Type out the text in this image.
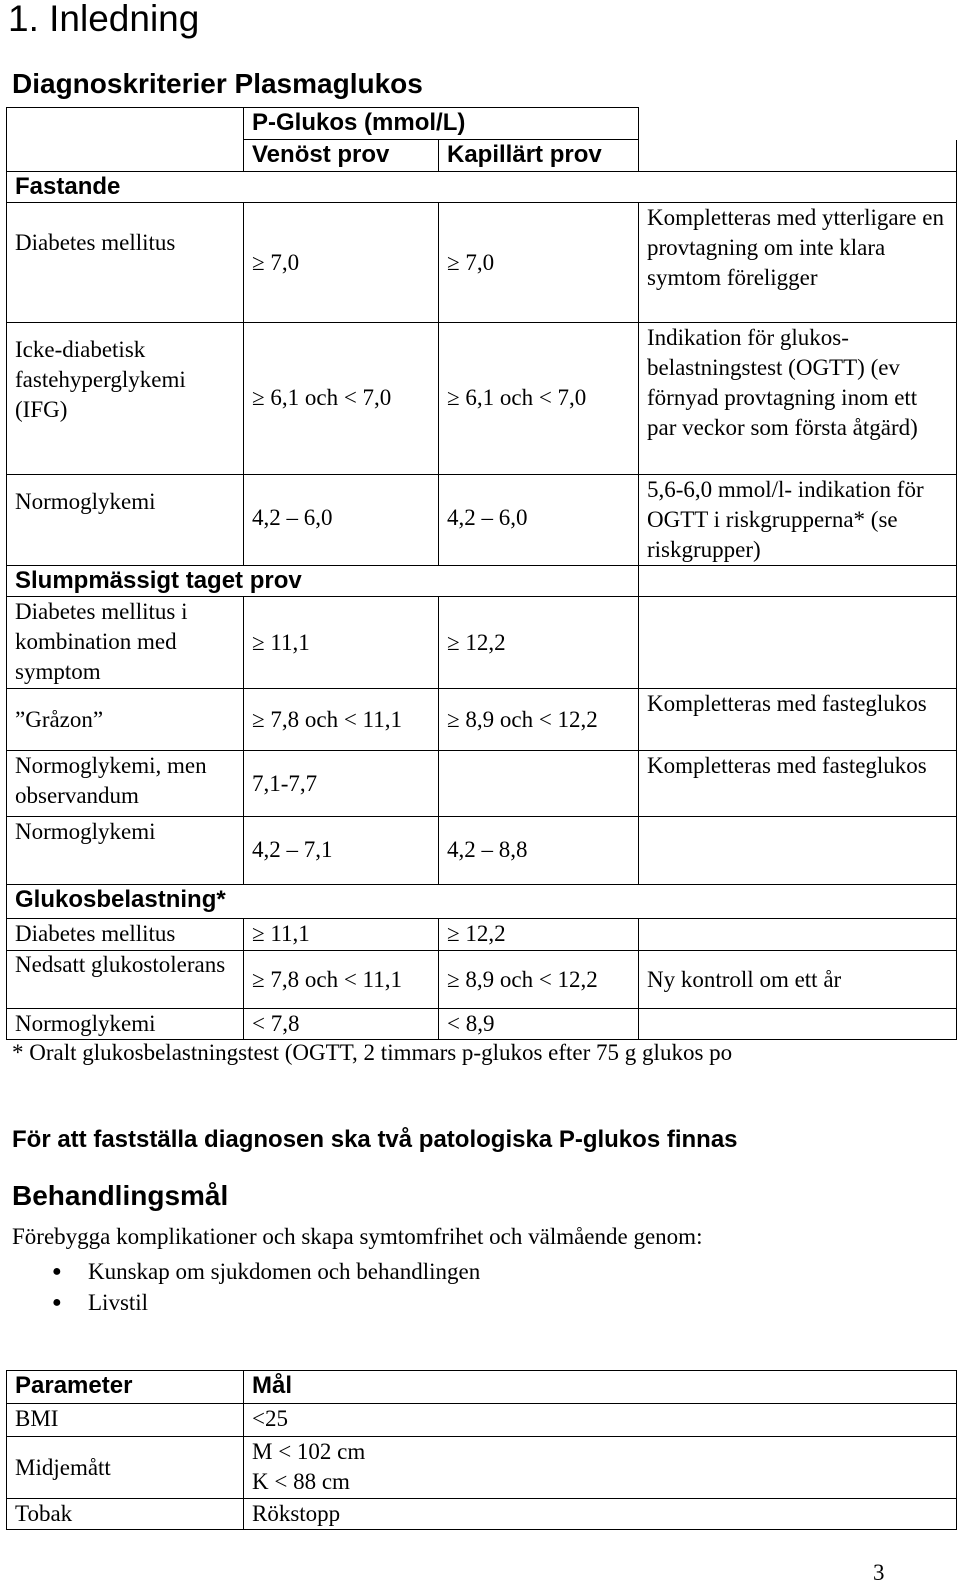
1. Inledning
Diagnoskriterier Plasmaglukos
	P-Glukos (mmol/L)		
	Venöst prov	Kapillärt prov	
Fastande			
Diabetes mellitus	≥ 7,0	≥ 7,0	Kompletteras med ytterligare en provtagning om inte klara symtom föreligger
Icke-diabetisk fastehyperglykemi (IFG)	≥ 6,1 och < 7,0	≥ 6,1 och < 7,0	Indikation för glukos-belastningstest (OGTT) (ev förnyad provtagning inom ett par veckor som första åtgärd)
Normoglykemi	4,2 – 6,0	4,2 – 6,0	5,6-6,0 mmol/l- indikation för OGTT i riskgrupperna* (se riskgrupper)
Slumpmässigt taget prov			
Diabetes mellitus i kombination med symptom	≥ 11,1	≥ 12,2	
”Gråzon”	≥ 7,8 och < 11,1	≥ 8,9 och < 12,2	Kompletteras med fasteglukos
Normoglykemi, men observandum	7,1-7,7		Kompletteras med fasteglukos
Normoglykemi	4,2 – 7,1	4,2 – 8,8	
Glukosbelastning*			
Diabetes mellitus	≥ 11,1	≥ 12,2	
Nedsatt glukostolerans	≥ 7,8 och < 11,1	≥ 8,9 och < 12,2	Ny kontroll om ett år
Normoglykemi	< 7,8	< 8,9	
* Oralt glukosbelastningstest (OGTT, 2 timmars p-glukos efter 75 g glukos po
För att fastställa diagnosen ska två patologiska P-glukos finnas
Behandlingsmål
Förebygga komplikationer och skapa symtomfrihet och välmående genom:
● Kunskap om sjukdomen och behandlingen
● Livstil
Parameter	Mål
BMI	<25
Midjemått	M < 102 cm
K < 88 cm
Tobak	Rökstopp
3
